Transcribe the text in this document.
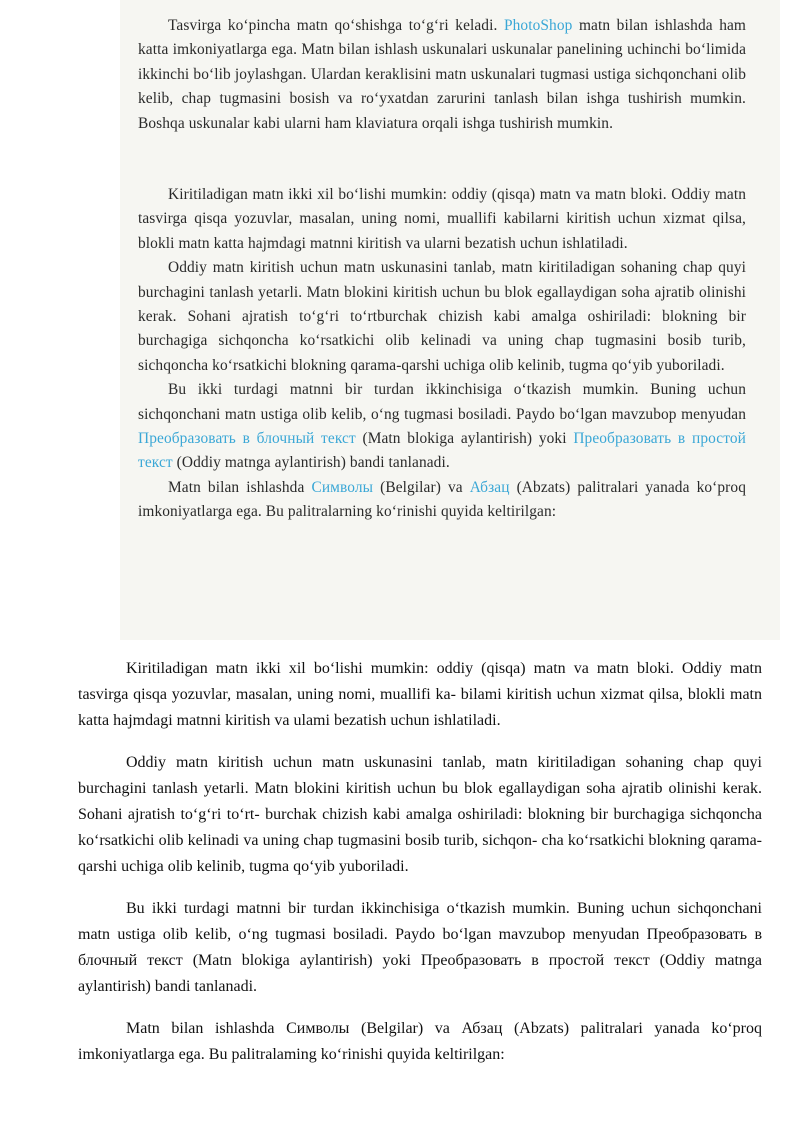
Tasvirga ko‘pincha matn qo‘shishga to‘g‘ri keladi. PhotoShop matn bilan ishlashda ham katta imkoniyatlarga ega. Matn bilan ishlash uskunalari uskunalar panelining uchinchi bo‘limida ikkinchi bo‘lib joylashgan. Ulardan keraklisini matn uskunalari tugmasi ustiga sichqonchani olib kelib, chap tugmasini bosish va ro‘yxatdan zarurini tanlash bilan ishga tushirish mumkin. Boshqa uskunalar kabi ularni ham klaviatura orqali ishga tushirish mumkin.

Kiritiladigan matn ikki xil bo‘lishi mumkin: oddiy (qisqa) matn va matn bloki. Oddiy matn tasvirga qisqa yozuvlar, masalan, uning nomi, muallifi kabilarni kiritish uchun xizmat qilsa, blokli matn katta hajmdagi matnni kiritish va ularni bezatish uchun ishlatiladi.

Oddiy matn kiritish uchun matn uskunasini tanlab, matn kiritiladigan sohaning chap quyi burchagini tanlash yetarli. Matn blokini kiritish uchun bu blok egallaydigan soha ajratib olinishi kerak. Sohani ajratish to‘g‘ri to‘rtburchak chizish kabi amalga oshiriladi: blokning bir burchagiga sichqoncha ko‘rsatkichi olib kelinadi va uning chap tugmasini bosib turib, sichqoncha ko‘rsatkichi blokning qarama-qarshi uchiga olib kelinib, tugma qo‘yib yuboriladi.

Bu ikki turdagi matnni bir turdan ikkinchisiga o‘tkazish mumkin. Buning uchun sichqonchani matn ustiga olib kelib, o‘ng tugmasi bosiladi. Paydo bo‘lgan mavzubop menyudan Преобразовать в блочный текст (Matn blokiga aylantirish) yoki Преобразовать в простой текст (Oddiy matnga aylantirish) bandi tanlanadi.

Matn bilan ishlashda Символы (Belgilar) va Абзац (Abzats) palitralari yanada ko‘proq imkoniyatlarga ega. Bu palitralarning ko‘rinishi quyida keltirilgan:

Kiritiladigan matn ikki xil bo‘lishi mumkin: oddiy (qisqa) matn va matn bloki. Oddiy matn tasvirga qisqa yozuvlar, masalan, uning nomi, muallifi ka- bilami kiritish uchun xizmat qilsa, blokli matn katta hajmdagi matnni kiritish va ulami bezatish uchun ishlatiladi.

Oddiy matn kiritish uchun matn uskunasini tanlab, matn kiritiladigan sohaning chap quyi burchagini tanlash yetarli. Matn blokini kiritish uchun bu blok egallaydigan soha ajratib olinishi kerak. Sohani ajratish to‘g‘ri to‘rt- burchak chizish kabi amalga oshiriladi: blokning bir burchagiga sichqoncha ko‘rsatkichi olib kelinadi va uning chap tugmasini bosib turib, sichqon- cha ko‘rsatkichi blokning qarama-qarshi uchiga olib kelinib, tugma qo‘yib yuboriladi.

Bu ikki turdagi matnni bir turdan ikkinchisiga o‘tkazish mumkin. Buning uchun sichqonchani matn ustiga olib kelib, o‘ng tugmasi bosiladi. Paydo bo‘lgan mavzubop menyudan Преобразовать в блочный текст (Matn blokiga aylantirish) yoki Преобразовать в простой текст (Oddiy matnga aylantirish) bandi tanlanadi.

Matn bilan ishlashda Символы (Belgilar) va Абзац (Abzats) palitralari yanada ko‘proq imkoniyatlarga ega. Bu palitralaming ko‘rinishi quyida keltirilgan:
